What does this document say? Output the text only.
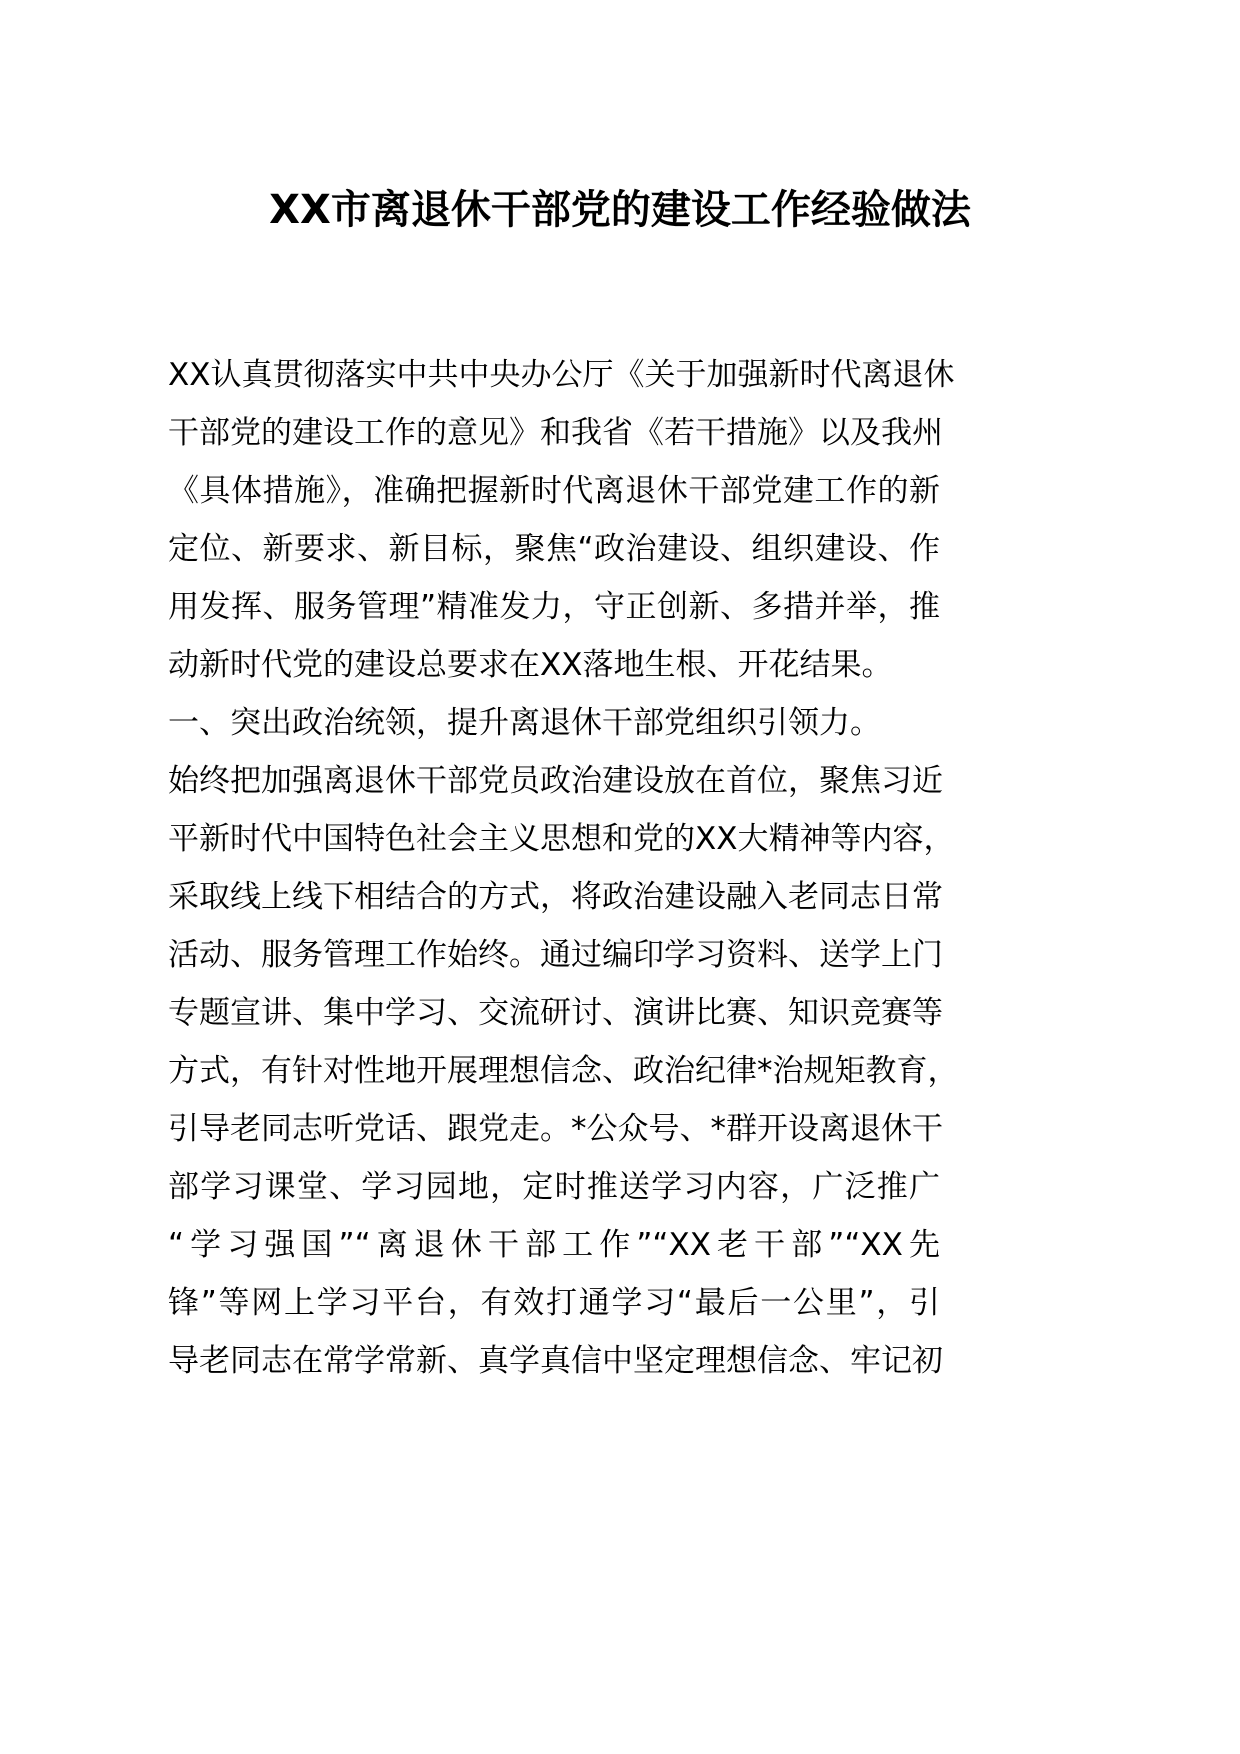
XX市离退休干部党的建设工作经验做法
XX认真贯彻落实中共中央办公厅《关于加强新时代离退休
干部党的建设工作的意见》和我省《若干措施》以及我州
《具体措施》，准确把握新时代离退休干部党建工作的新
定位、新要求、新目标，聚焦“政治建设、组织建设、作
用发挥、服务管理”精准发力，守正创新、多措并举，推
动新时代党的建设总要求在XX落地生根、开花结果。
一、突出政治统领，提升离退休干部党组织引领力。
始终把加强离退休干部党员政治建设放在首位，聚焦习近
平新时代中国特色社会主义思想和党的XX大精神等内容，
采取线上线下相结合的方式，将政治建设融入老同志日常
活动、服务管理工作始终。通过编印学习资料、送学上门
专题宣讲、集中学习、交流研讨、演讲比赛、知识竞赛等
方式，有针对性地开展理想信念、政治纪律*治规矩教育，
引导老同志听党话、跟党走。*公众号、*群开设离退休干
部学习课堂、学习园地，定时推送学习内容，广泛推广
“学习强国”“离退休干部工作”“XX老干部”“XX先
锋”等网上学习平台，有效打通学习“最后一公里”，引
导老同志在常学常新、真学真信中坚定理想信念、牢记初
